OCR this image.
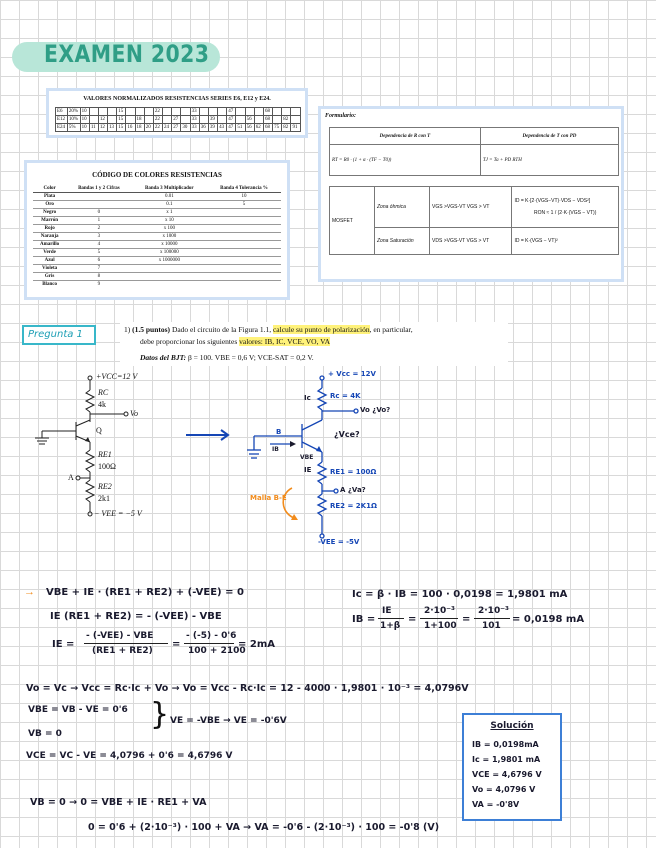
EXAMEN 2023
VALORES NORMALIZADOS RESISTENCIAS SERIES E6, E12 y E24.
E6	20%	10				15				22				33				47				68			
E12	10%	10		12		15		18		22		27		33		39		47		56		68		82	
E24	5%	10	11	12	13	15	16	18	20	22	24	27	30	33	36	39	43	47	51	56	62	68	75	82	91
CÓDIGO DE COLORES RESISTENCIAS
Color	Bandas 1 y 2 Cifras	Banda 3 Multiplicador	Banda 4 Tolerancia %
Plata		0.01	10
Oro		0.1	5
Negro	0	x 1	
Marrón	1	x 10	
Rojo	2	x 100	
Naranja	3	x 1000	
Amarillo	4	x 10000	
Verde	5	x 100000	
Azul	6	x 1000000	
Violeta	7		
Gris	8		
Blanco	9		
Formulario:
Dependencia de R con T	Dependencia de T con PD
RT = R0 · (1 + α · (TF − T0))	TJ = Ta + PD RTH
MOSFET	Zona óhmica	VGS >VGS-VT VGS > VT	ID = K·[2·(VGS−VT)·VDS − VDS²]
RON ≈ 1 / (2·K·(VGS − VT))

	Zona Saturación	VDS >VGS-VT VGS > VT	ID = K·(VGS − VT)²
Pregunta 1	1) (1.5 puntos) Dado el circuito de la Figura 1.1, calcule su punto de polarización, en particular,
debe proporcionar los siguientes valores: IB, IC, VCE, VO, VA
Datos del BJT: β = 100. VBE = 0,6 V; VCE-SAT = 0,2 V.
+VCC=12 V
RC
4k
Vo
Q
RE1
100Ω
A
RE2
2k1
− VEE = −5 V
+ Vcc = 12V
Rc = 4K
Ic
Vo ¿Vo?
¿Vce?
B
IB
VBE
IE	RE1 = 100Ω
A ¿Va?
RE2 = 2K1Ω
-VEE = -5V
Malla B-E
→ VBE + IE · (RE1 + RE2) + (-VEE) = 0
IE (RE1 + RE2) = - (-VEE) - VBE
IE =
- (-VEE) - VBE
(RE1 + RE2)
=
- (-5) - 0'6
100 + 2100
= 2mA
Ic = β · IB = 100 · 0,0198 = 1,9801 mA
IB =
IE
1+β
=
2·10⁻³
1+100
=
2·10⁻³
101
= 0,0198 mA
Vo = Vc → Vcc = Rc·Ic + Vo → Vo = Vcc - Rc·Ic = 12 - 4000 · 1,9801 · 10⁻³ = 4,0796V
VBE = VB - VE = 0'6
VB = 0
} VE = -VBE → VE = -0'6V
VCE = VC - VE = 4,0796 + 0'6 = 4,6796 V
VB = 0 → 0 = VBE + IE · RE1 + VA
0 = 0'6 + (2·10⁻³) · 100 + VA → VA = -0'6 - (2·10⁻³) · 100 = -0'8 (V)
Solución
IB = 0,0198mA
Ic = 1,9801 mA
VCE = 4,6796 V
Vo = 4,0796 V
VA = -0'8V
